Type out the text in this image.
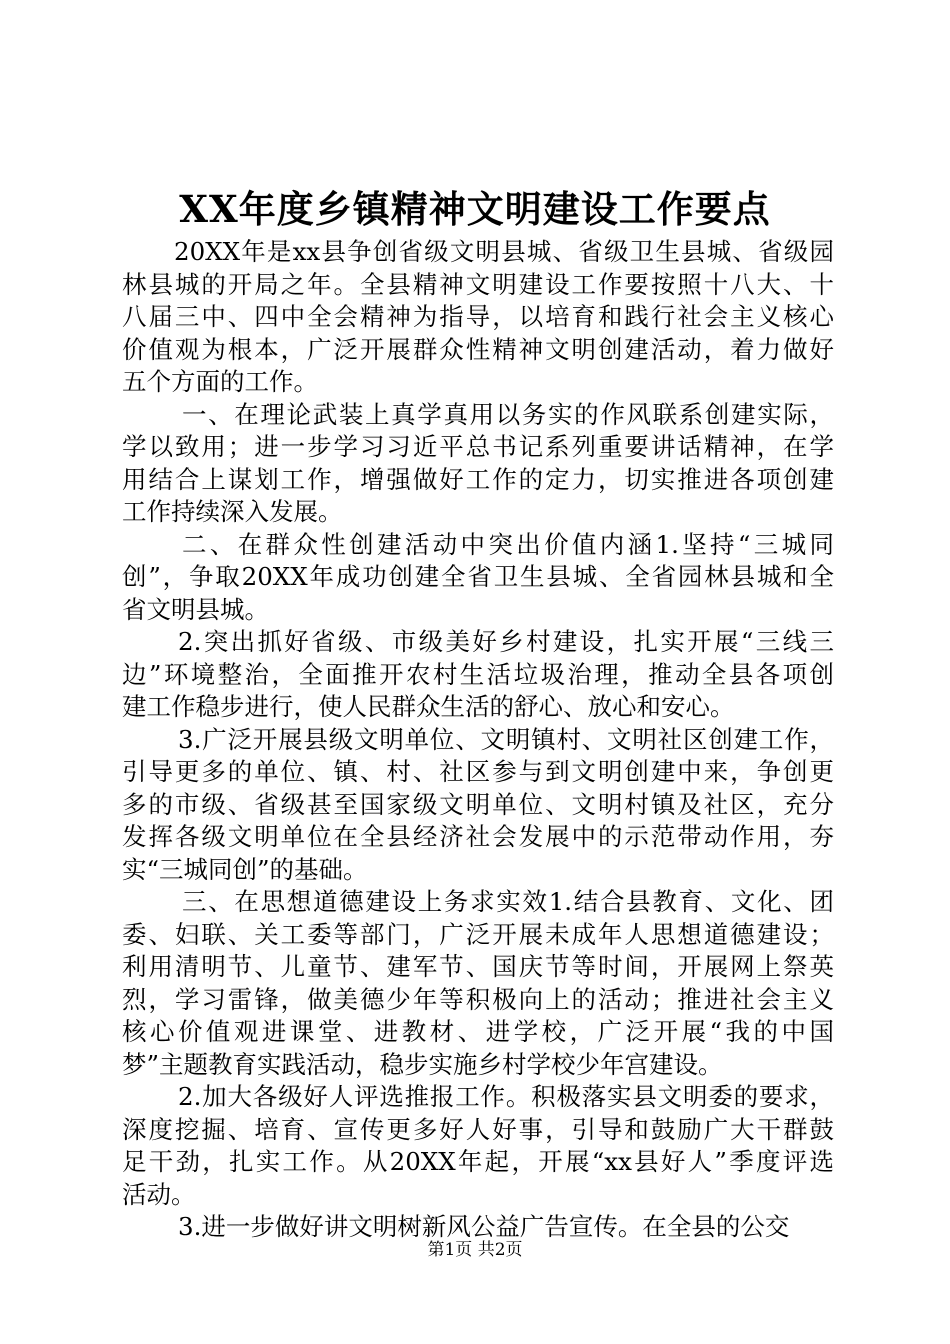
XX年度乡镇精神文明建设工作要点
20XX年是xx县争创省级文明县城、省级卫生县城、省级园
林县城的开局之年。全县精神文明建设工作要按照十八大、十
八届三中、四中全会精神为指导，以培育和践行社会主义核心
价值观为根本，广泛开展群众性精神文明创建活动，着力做好
五个方面的工作。
一、在理论武装上真学真用以务实的作风联系创建实际，
学以致用；进一步学习习近平总书记系列重要讲话精神，在学
用结合上谋划工作，增强做好工作的定力，切实推进各项创建
工作持续深入发展。
二、在群众性创建活动中突出价值内涵1.坚持“三城同
创”，争取20XX年成功创建全省卫生县城、全省园林县城和全
省文明县城。
2.突出抓好省级、市级美好乡村建设，扎实开展“三线三
边”环境整治，全面推开农村生活垃圾治理，推动全县各项创
建工作稳步进行，使人民群众生活的舒心、放心和安心。
3.广泛开展县级文明单位、文明镇村、文明社区创建工作，
引导更多的单位、镇、村、社区参与到文明创建中来，争创更
多的市级、省级甚至国家级文明单位、文明村镇及社区，充分
发挥各级文明单位在全县经济社会发展中的示范带动作用，夯
实“三城同创”的基础。
三、在思想道德建设上务求实效1.结合县教育、文化、团
委、妇联、关工委等部门，广泛开展未成年人思想道德建设；
利用清明节、儿童节、建军节、国庆节等时间，开展网上祭英
烈，学习雷锋，做美德少年等积极向上的活动；推进社会主义
核心价值观进课堂、进教材、进学校，广泛开展“我的中国
梦”主题教育实践活动，稳步实施乡村学校少年宫建设。
2.加大各级好人评选推报工作。积极落实县文明委的要求，
深度挖掘、培育、宣传更多好人好事，引导和鼓励广大干群鼓
足干劲，扎实工作。从20XX年起，开展“xx县好人”季度评选
活动。
3.进一步做好讲文明树新风公益广告宣传。在全县的公交
第1页 共2页
